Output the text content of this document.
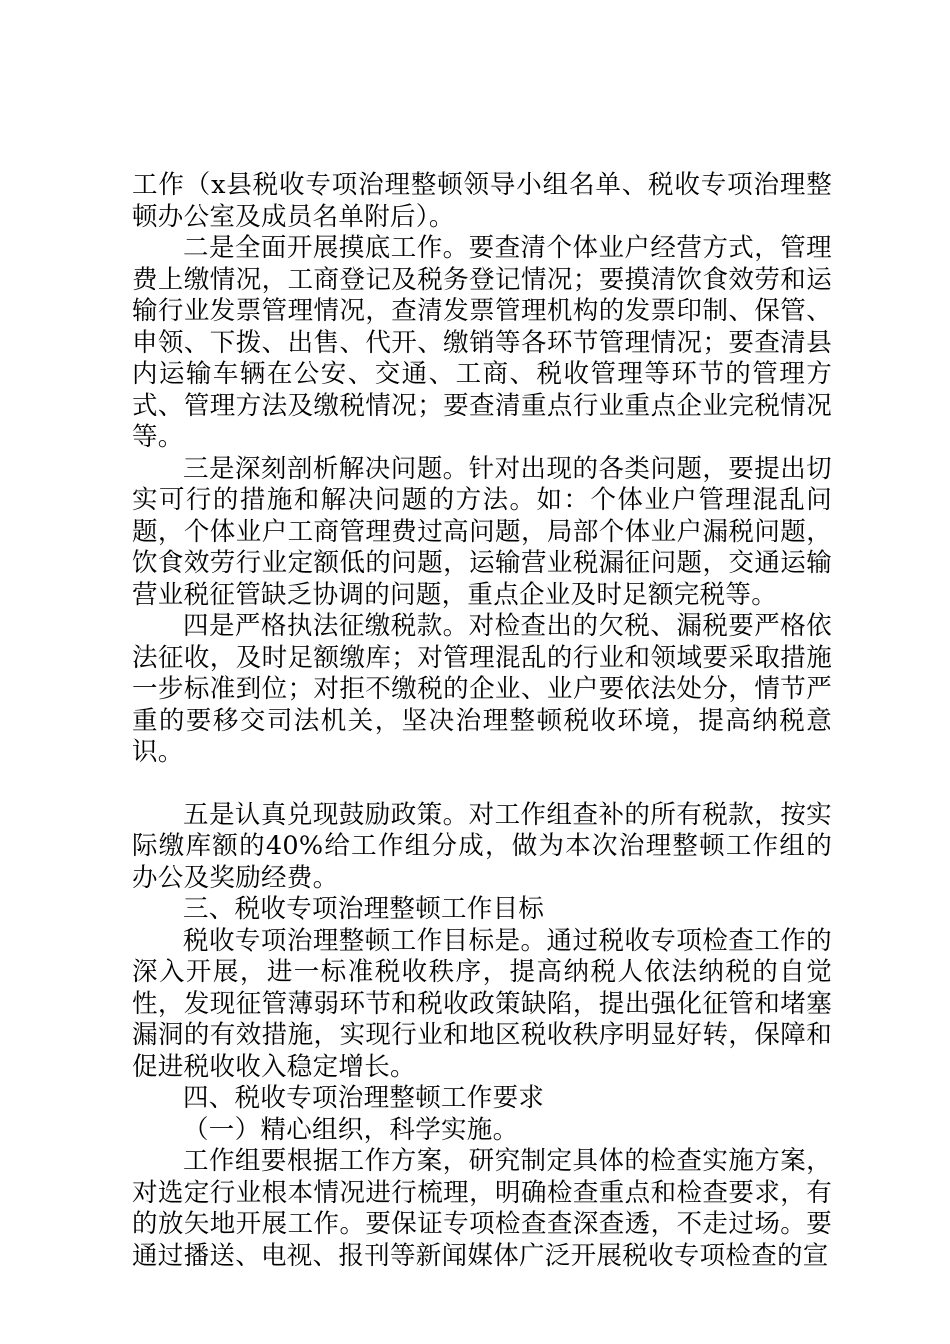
工作（x县税收专项治理整顿领导小组名单、税收专项治理整顿办公室及成员名单附后）。

二是全面开展摸底工作。要查清个体业户经营方式，管理费上缴情况，工商登记及税务登记情况；要摸清饮食效劳和运输行业发票管理情况，查清发票管理机构的发票印制、保管、申领、下拨、出售、代开、缴销等各环节管理情况；要查清县内运输车辆在公安、交通、工商、税收管理等环节的管理方式、管理方法及缴税情况；要查清重点行业重点企业完税情况等。

三是深刻剖析解决问题。针对出现的各类问题，要提出切实可行的措施和解决问题的方法。如：个体业户管理混乱问题，个体业户工商管理费过高问题，局部个体业户漏税问题，饮食效劳行业定额低的问题，运输营业税漏征问题，交通运输营业税征管缺乏协调的问题，重点企业及时足额完税等。

四是严格执法征缴税款。对检查出的欠税、漏税要严格依法征收，及时足额缴库；对管理混乱的行业和领域要采取措施一步标准到位；对拒不缴税的企业、业户要依法处分，情节严重的要移交司法机关，坚决治理整顿税收环境，提高纳税意识。

五是认真兑现鼓励政策。对工作组查补的所有税款，按实际缴库额的40%给工作组分成，做为本次治理整顿工作组的办公及奖励经费。

三、税收专项治理整顿工作目标

税收专项治理整顿工作目标是。通过税收专项检查工作的深入开展，进一标准税收秩序，提高纳税人依法纳税的自觉性，发现征管薄弱环节和税收政策缺陷，提出强化征管和堵塞漏洞的有效措施，实现行业和地区税收秩序明显好转，保障和促进税收收入稳定增长。

四、税收专项治理整顿工作要求

（一）精心组织，科学实施。

工作组要根据工作方案，研究制定具体的检查实施方案，对选定行业根本情况进行梳理，明确检查重点和检查要求，有的放矢地开展工作。要保证专项检查查深查透，不走过场。要通过播送、电视、报刊等新闻媒体广泛开展税收专项检查的宣
